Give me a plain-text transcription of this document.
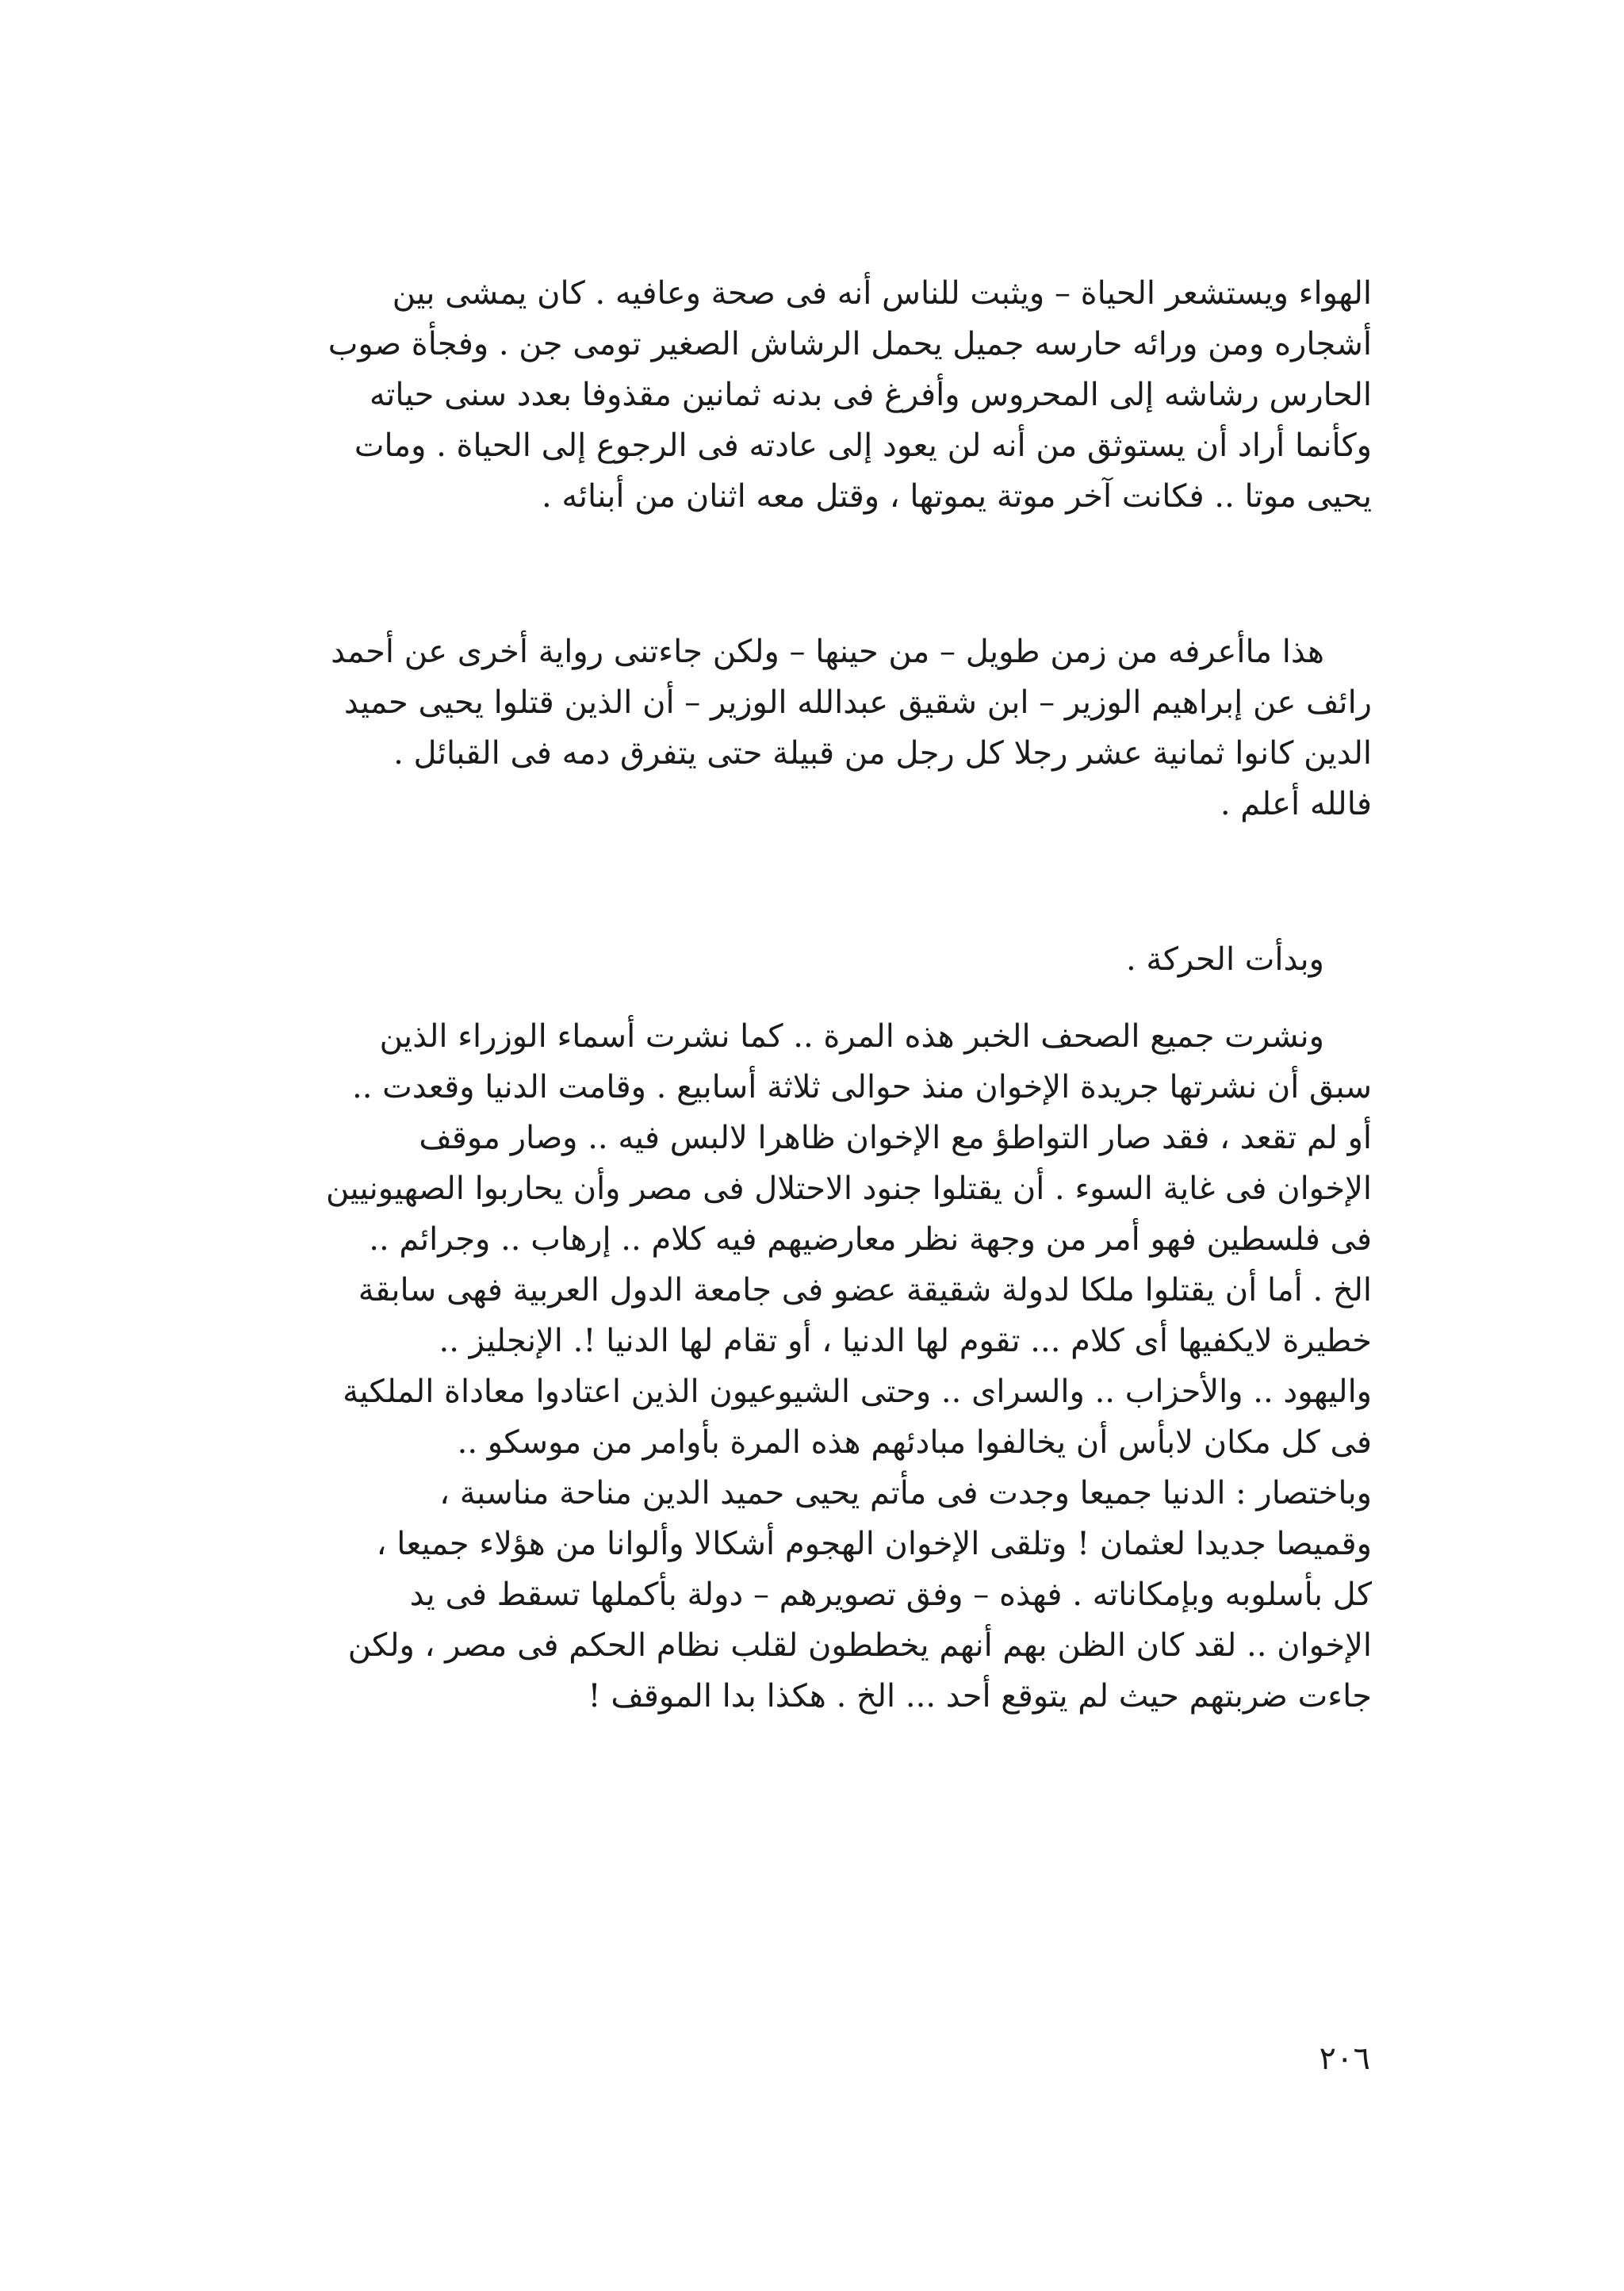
الهواء ويستشعر الحياة – ويثبت للناس أنه فى صحة وعافيه . كان يمشى بين
أشجاره ومن ورائه حارسه جميل يحمل الرشاش الصغير تومى جن . وفجأة صوب
الحارس رشاشه إلى المحروس وأفرغ فى بدنه ثمانين مقذوفا بعدد سنى حياته
وكأنما أراد أن يستوثق من أنه لن يعود إلى عادته فى الرجوع إلى الحياة . ومات
يحيى موتا .. فكانت آخر موتة يموتها ، وقتل معه اثنان من أبنائه .
هذا ماأعرفه من زمن طويل – من حينها – ولكن جاءتنى رواية أخرى عن أحمد
رائف عن إبراهيم الوزير – ابن شقيق عبدالله الوزير – أن الذين قتلوا يحيى حميد
الدين كانوا ثمانية عشر رجلا كل رجل من قبيلة حتى يتفرق دمه فى القبائل .
فالله أعلم .
وبدأت الحركة .
ونشرت جميع الصحف الخبر هذه المرة .. كما نشرت أسماء الوزراء الذين
سبق أن نشرتها جريدة الإخوان منذ حوالى ثلاثة أسابيع . وقامت الدنيا وقعدت ..
أو لم تقعد ، فقد صار التواطؤ مع الإخوان ظاهرا لالبس فيه .. وصار موقف
الإخوان فى غاية السوء . أن يقتلوا جنود الاحتلال فى مصر وأن يحاربوا الصهيونيين
فى فلسطين فهو أمر من وجهة نظر معارضيهم فيه كلام .. إرهاب .. وجرائم ..
الخ . أما أن يقتلوا ملكا لدولة شقيقة عضو فى جامعة الدول العربية فهى سابقة
خطيرة لايكفيها أى كلام ... تقوم لها الدنيا ، أو تقام لها الدنيا !. الإنجليز ..
واليهود .. والأحزاب .. والسراى .. وحتى الشيوعيون الذين اعتادوا معاداة الملكية
فى كل مكان لابأس أن يخالفوا مبادئهم هذه المرة بأوامر من موسكو ..
وباختصار : الدنيا جميعا وجدت فى مأتم يحيى حميد الدين مناحة مناسبة ،
وقميصا جديدا لعثمان ! وتلقى الإخوان الهجوم أشكالا وألوانا من هؤلاء جميعا ،
كل بأسلوبه وبإمكاناته . فهذه – وفق تصويرهم – دولة بأكملها تسقط فى يد
الإخوان .. لقد كان الظن بهم أنهم يخططون لقلب نظام الحكم فى مصر ، ولكن
جاءت ضربتهم حيث لم يتوقع أحد ... الخ . هكذا بدا الموقف !
٢٠٦
